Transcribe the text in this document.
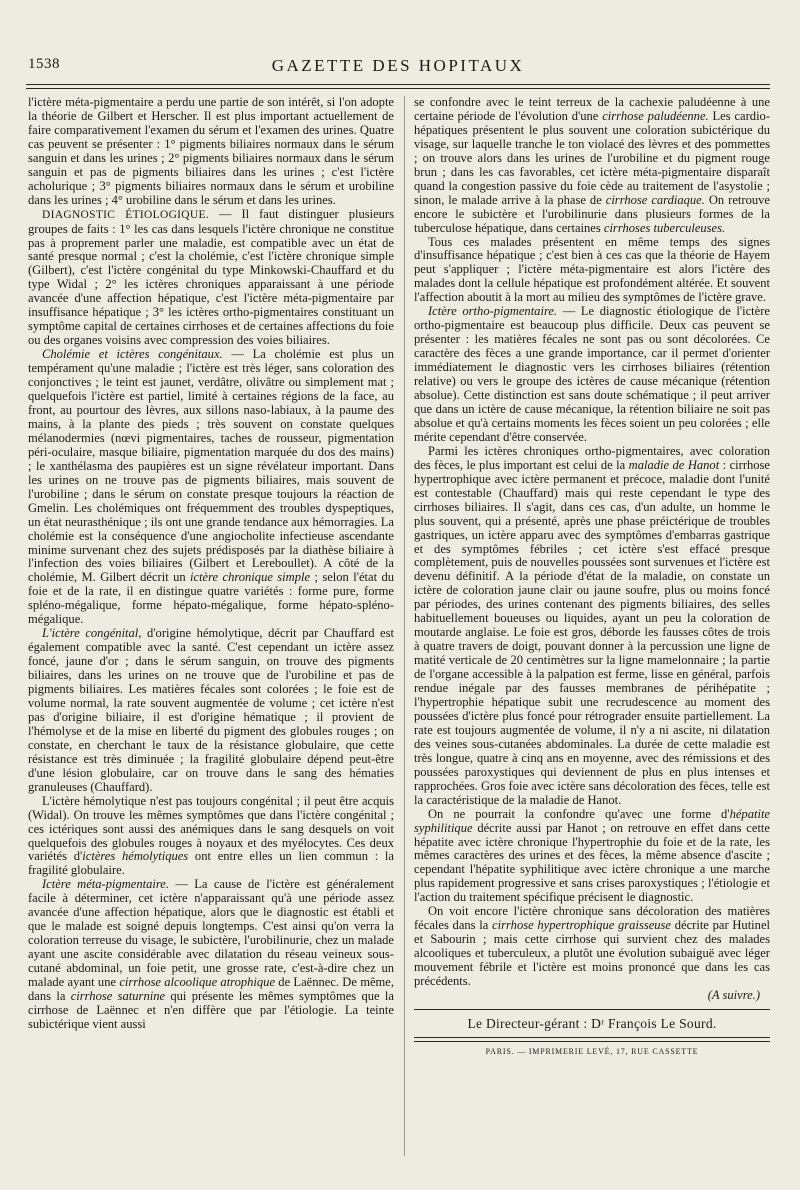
1538	GAZETTE DES HOPITAUX

l'ictère méta-pigmentaire a perdu une partie de son intérêt, si l'on adopte la théorie de Gilbert et Herscher. Il est plus important actuellement de faire comparativement l'examen du sérum et l'examen des urines. Quatre cas peuvent se présenter : 1° pigments biliaires normaux dans le sérum sanguin et dans les urines ; 2° pigments biliaires normaux dans le sérum sanguin et pas de pigments biliaires dans les urines ; c'est l'ictère acholurique ; 3° pigments biliaires normaux dans le sérum et urobiline dans les urines ; 4° urobiline dans le sérum et dans les urines.

DIAGNOSTIC ÉTIOLOGIQUE. — Il faut distinguer plusieurs groupes de faits : 1° les cas dans lesquels l'ictère chronique ne constitue pas à proprement parler une maladie, est compatible avec un état de santé presque normal ; c'est la cholémie, c'est l'ictère chronique simple (Gilbert), c'est l'ictère congénital du type Minkowski-Chauffard et du type Widal ; 2° les ictères chroniques apparaissant à une période avancée d'une affection hépatique, c'est l'ictère méta-pigmentaire par insuffisance hépatique ; 3° les ictères ortho-pigmentaires constituant un symptôme capital de certaines cirrhoses et de certaines affections du foie ou des organes voisins avec compression des voies biliaires.

Cholémie et ictères congénitaux. — La cholémie est plus un tempérament qu'une maladie ; l'ictère est très léger, sans coloration des conjonctives ; le teint est jaunet, verdâtre, olivâtre ou simplement mat ; quelquefois l'ictère est partiel, limité à certaines régions de la face, au front, au pourtour des lèvres, aux sillons naso-labiaux, à la paume des mains, à la plante des pieds ; très souvent on constate quelques mélanodermies (nœvi pigmentaires, taches de rousseur, pigmentation péri-oculaire, masque biliaire, pigmentation marquée du dos des mains) ; le xanthélasma des paupières est un signe révélateur important. Dans les urines on ne trouve pas de pigments biliaires, mais souvent de l'urobiline ; dans le sérum on constate presque toujours la réaction de Gmelin. Les cholémiques ont fréquemment des troubles dyspeptiques, un état neurasthénique ; ils ont une grande tendance aux hémorragies. La cholémie est la conséquence d'une angiocholite infectieuse ascendante minime survenant chez des sujets prédisposés par la diathèse biliaire à l'infection des voies biliaires (Gilbert et Lereboullet). A côté de la cholémie, M. Gilbert décrit un ictère chronique simple ; selon l'état du foie et de la rate, il en distingue quatre variétés : forme pure, forme spléno-mégalique, forme hépato-mégalique, forme hépato-spléno-mégalique.

L'ictère congénital, d'origine hémolytique, décrit par Chauffard est également compatible avec la santé. C'est cependant un ictère assez foncé, jaune d'or ; dans le sérum sanguin, on trouve des pigments biliaires, dans les urines on ne trouve que de l'urobiline et pas de pigments biliaires. Les matières fécales sont colorées ; le foie est de volume normal, la rate souvent augmentée de volume ; cet ictère n'est pas d'origine biliaire, il est d'origine hématique ; il provient de l'hémolyse et de la mise en liberté du pigment des globules rouges ; on constate, en cherchant le taux de la résistance globulaire, que cette résistance est très diminuée ; la fragilité globulaire dépend peut-être d'une lésion globulaire, car on trouve dans le sang des hématies granuleuses (Chauffard).

L'ictère hémolytique n'est pas toujours congénital ; il peut être acquis (Widal). On trouve les mêmes symptômes que dans l'ictère congénital ; ces ictériques sont aussi des anémiques dans le sang desquels on voit quelquefois des globules rouges à noyaux et des myélocytes. Ces deux variétés d'ictères hémolytiques ont entre elles un lien commun : la fragilité globulaire.

Ictère méta-pigmentaire. — La cause de l'ictère est généralement facile à déterminer, cet ictère n'apparaissant qu'à une période assez avancée d'une affection hépatique, alors que le diagnostic est établi et que le malade est soigné depuis longtemps. C'est ainsi qu'on verra la coloration terreuse du visage, le subictère, l'urobilinurie, chez un malade ayant une ascite considérable avec dilatation du réseau veineux sous-cutané abdominal, un foie petit, une grosse rate, c'est-à-dire chez un malade ayant une cirrhose alcoolique atrophique de Laënnec. De même, dans la cirrhose saturnine qui présente les mêmes symptômes que la cirrhose de Laënnec et n'en diffère que par l'étiologie. La teinte subictérique vient aussi

se confondre avec le teint terreux de la cachexie paludéenne à une certaine période de l'évolution d'une cirrhose paludéenne. Les cardio-hépatiques présentent le plus souvent une coloration subictérique du visage, sur laquelle tranche le ton violacé des lèvres et des pommettes ; on trouve alors dans les urines de l'urobiline et du pigment rouge brun ; dans les cas favorables, cet ictère méta-pigmentaire disparaît quand la congestion passive du foie cède au traitement de l'asystolie ; sinon, le malade arrive à la phase de cirrhose cardiaque. On retrouve encore le subictère et l'urobilinurie dans plusieurs formes de la tuberculose hépatique, dans certaines cirrhoses tuberculeuses.

Tous ces malades présentent en même temps des signes d'insuffisance hépatique ; c'est bien à ces cas que la théorie de Hayem peut s'appliquer ; l'ictère méta-pigmentaire est alors l'ictère des malades dont la cellule hépatique est profondément altérée. Et souvent l'affection aboutit à la mort au milieu des symptômes de l'ictère grave.

Ictère ortho-pigmentaire. — Le diagnostic étiologique de l'ictère ortho-pigmentaire est beaucoup plus difficile. Deux cas peuvent se présenter : les matières fécales ne sont pas ou sont décolorées. Ce caractère des fèces a une grande importance, car il permet d'orienter immédiatement le diagnostic vers les cirrhoses biliaires (rétention relative) ou vers le groupe des ictères de cause mécanique (rétention absolue). Cette distinction est sans doute schématique ; il peut arriver que dans un ictère de cause mécanique, la rétention biliaire ne soit pas absolue et qu'à certains moments les fèces soient un peu colorées ; elle mérite cependant d'être conservée.

Parmi les ictères chroniques ortho-pigmentaires, avec coloration des fèces, le plus important est celui de la maladie de Hanot : cirrhose hypertrophique avec ictère permanent et précoce, maladie dont l'unité est contestable (Chauffard) mais qui reste cependant le type des cirrhoses biliaires. Il s'agit, dans ces cas, d'un adulte, un homme le plus souvent, qui a présenté, après une phase préictérique de troubles gastriques, un ictère apparu avec des symptômes d'embarras gastrique et des symptômes fébriles ; cet ictère s'est effacé presque complètement, puis de nouvelles poussées sont survenues et l'ictère est devenu définitif. A la période d'état de la maladie, on constate un ictère de coloration jaune clair ou jaune soufre, plus ou moins foncé par périodes, des urines contenant des pigments biliaires, des selles habituellement boueuses ou liquides, ayant un peu la coloration de moutarde anglaise. Le foie est gros, déborde les fausses côtes de trois à quatre travers de doigt, pouvant donner à la percussion une ligne de matité verticale de 20 centimètres sur la ligne mamelonnaire ; la partie de l'organe accessible à la palpation est ferme, lisse en général, parfois rendue inégale par des fausses membranes de périhépatite ; l'hypertrophie hépatique subit une recrudescence au moment des poussées d'ictère plus foncé pour rétrograder ensuite partiellement. La rate est toujours augmentée de volume, il n'y a ni ascite, ni dilatation des veines sous-cutanées abdominales. La durée de cette maladie est très longue, quatre à cinq ans en moyenne, avec des rémissions et des poussées paroxystiques qui deviennent de plus en plus intenses et rapprochées. Gros foie avec ictère sans décoloration des fèces, telle est la caractéristique de la maladie de Hanot.

On ne pourrait la confondre qu'avec une forme d'hépatite syphilitique décrite aussi par Hanot ; on retrouve en effet dans cette hépatite avec ictère chronique l'hypertrophie du foie et de la rate, les mêmes caractères des urines et des fèces, la même absence d'ascite ; cependant l'hépatite syphilitique avec ictère chronique a une marche plus rapidement progressive et sans crises paroxystiques ; l'étiologie et l'action du traitement spécifique précisent le diagnostic.

On voit encore l'ictère chronique sans décoloration des matières fécales dans la cirrhose hypertrophique graisseuse décrite par Hutinel et Sabourin ; mais cette cirrhose qui survient chez des malades alcooliques et tuberculeux, a plutôt une évolution subaiguë avec léger mouvement fébrile et l'ictère est moins prononcé que dans les cas précédents.

(A suivre.)

Le Directeur-gérant : Dʳ François Le Sourd.
PARIS. — IMPRIMERIE LEVÉ, 17, RUE CASSETTE
